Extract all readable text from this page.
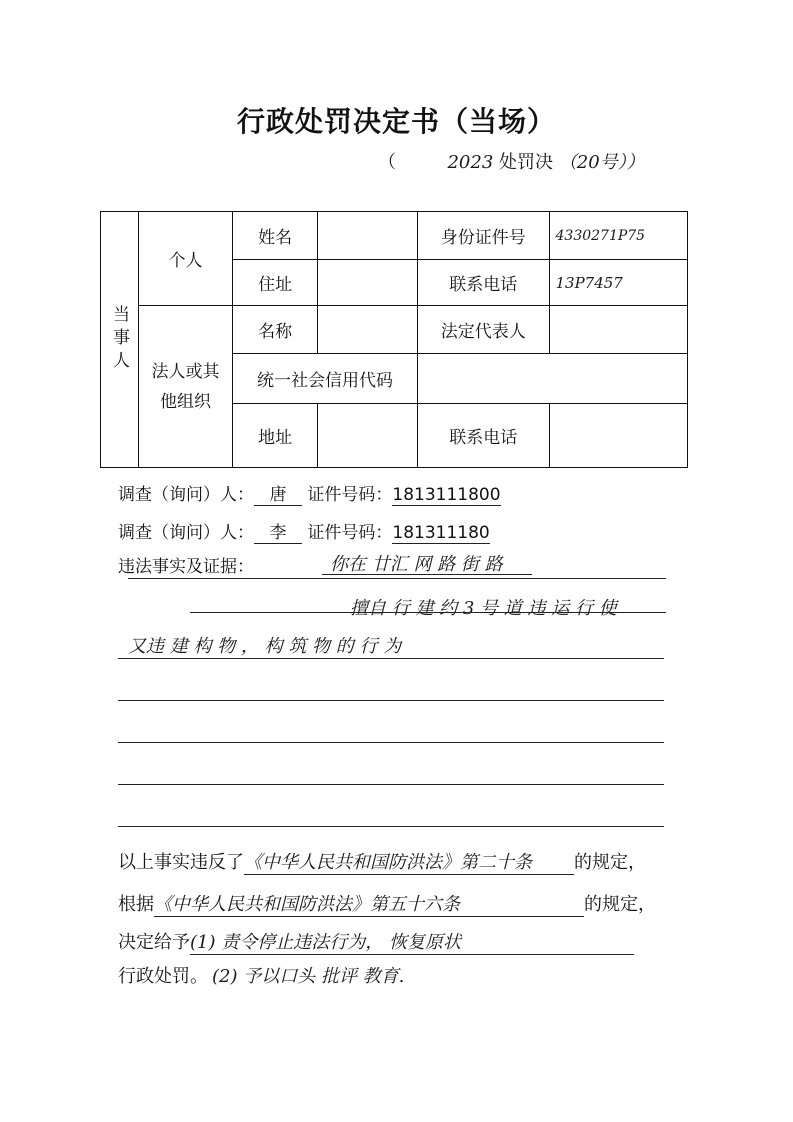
行政处罚决定书（当场）
（	2023 处罚决 （20号））
当事人	个人	姓名		身份证件号	4330271P75
		住址		联系电话	13P7457
	法人或其他组织	名称		法定代表人	
		统一社会信用代码			
		地址		联系电话	
调查（询问）人： 唐 证件号码：1813111800
调查（询问）人： 李 证件号码：181311180
违法事实及证据：	你在 廿汇 网 路 街 路
擅自 行 建 约 3 号 道 违 运 行 使
又违 建 构 物 ， 构 筑 物 的 行 为
以上事实违反了《中华人民共和国防洪法》第二十条 的规定，
根据《中华人民共和国防洪法》第五十六条	的规定，
决定给予(1) 责令停止违法行为， 恢复原状
行政处罚。 (2) 予以口头 批评 教育.
